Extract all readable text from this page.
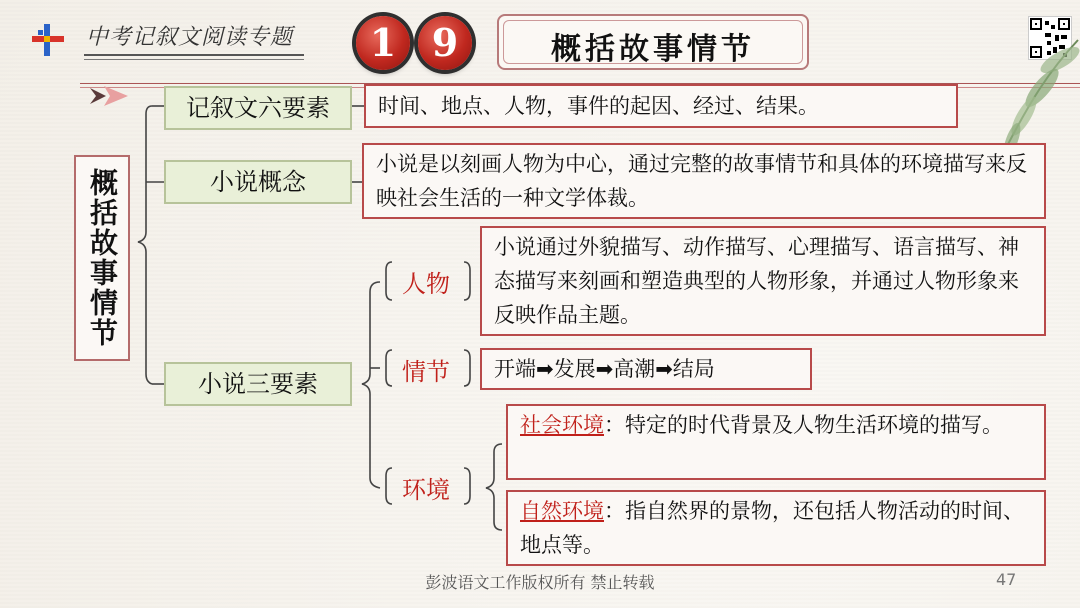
中考记叙文阅读专题	1 9	概括故事情节
概括故事情节
记叙文六要素
小说概念
小说三要素
时间、地点、人物，事件的起因、经过、结果。
小说是以刻画人物为中心，通过完整的故事情节和具体的环境描写来反映社会生活的一种文学体裁。
人物
情节
环境
小说通过外貌描写、动作描写、心理描写、语言描写、神态描写来刻画和塑造典型的人物形象，并通过人物形象来反映作品主题。
开端➡发展➡高潮➡结局
社会环境：特定的时代背景及人物生活环境的描写。
自然环境：指自然界的景物，还包括人物活动的时间、地点等。
彭波语文工作版权所有 禁止转载	47
